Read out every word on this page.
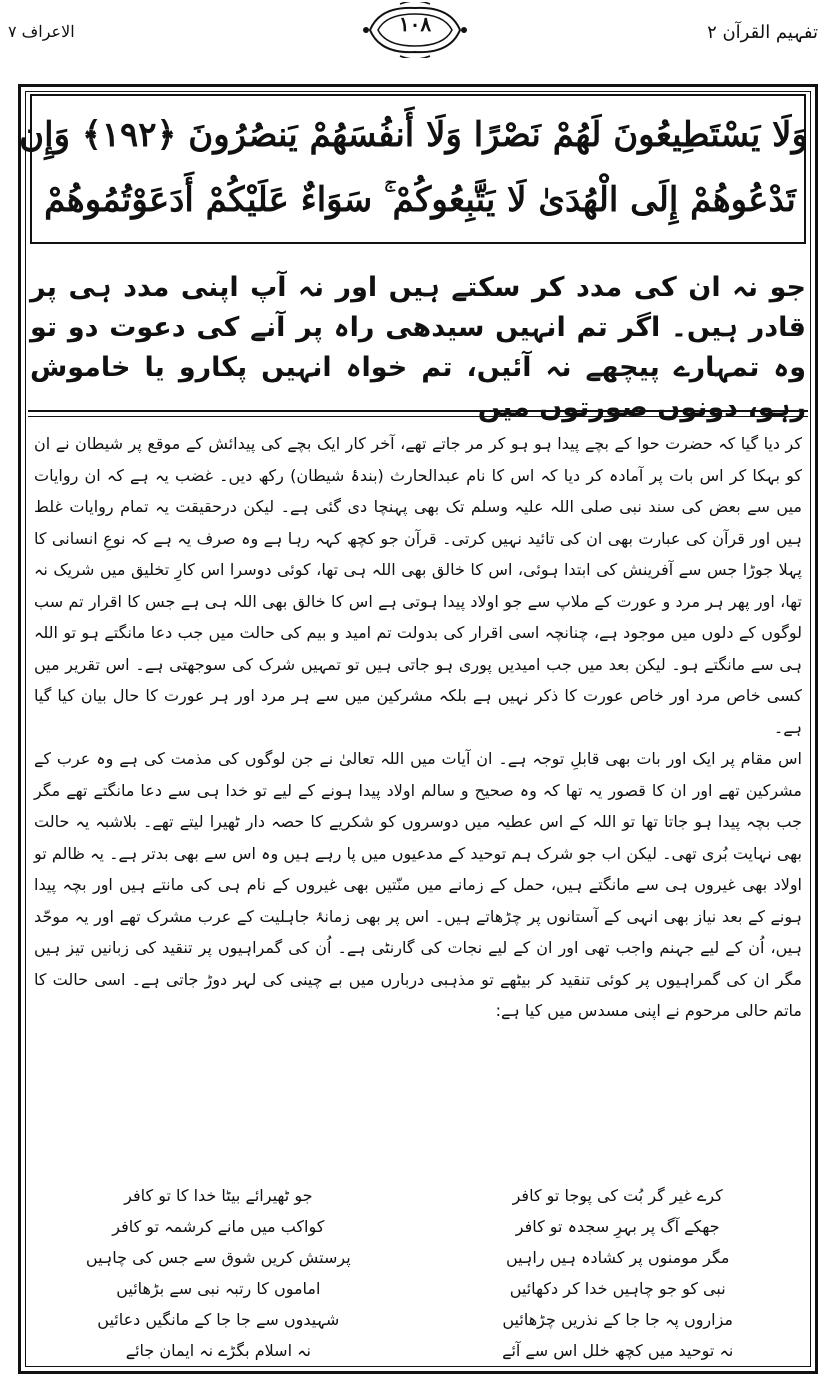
الاعراف ۷	۱۰۸	تفہیم القرآن ۲
وَلَا يَسْتَطِيعُونَ لَهُمْ نَصْرًا وَلَا أَنفُسَهُمْ يَنصُرُونَ ﴿۱۹۲﴾ وَإِن
تَدْعُوهُمْ إِلَى الْهُدَىٰ لَا يَتَّبِعُوكُمْ ۚ سَوَاءٌ عَلَيْكُمْ أَدَعَوْتُمُوهُمْ
جو نہ ان کی مدد کر سکتے ہیں اور نہ آپ اپنی مدد ہی پر قادر ہیں۔ اگر تم انہیں سیدھی راہ پر آنے کی دعوت دو تو وہ تمہارے پیچھے نہ آئیں، تم خواہ انہیں پکارو یا خاموش رہو، دونوں صورتوں میں

کر دیا گیا کہ حضرت حوا کے بچے پیدا ہو ہو کر مر جاتے تھے، آخر کار ایک بچے کی پیدائش کے موقع پر شیطان نے ان کو بہکا کر اس بات پر آمادہ کر دیا کہ اس کا نام عبدالحارث (بندۂ شیطان) رکھ دیں۔ غضب یہ ہے کہ ان روایات میں سے بعض کی سند نبی صلی اللہ علیہ وسلم تک بھی پہنچا دی گئی ہے۔ لیکن درحقیقت یہ تمام روایات غلط ہیں اور قرآن کی عبارت بھی ان کی تائید نہیں کرتی۔ قرآن جو کچھ کہہ رہا ہے وہ صرف یہ ہے کہ نوعِ انسانی کا پہلا جوڑا جس سے آفرینش کی ابتدا ہوئی، اس کا خالق بھی اللہ ہی تھا، کوئی دوسرا اس کارِ تخلیق میں شریک نہ تھا، اور پھر ہر مرد و عورت کے ملاپ سے جو اولاد پیدا ہوتی ہے اس کا خالق بھی اللہ ہی ہے جس کا اقرار تم سب لوگوں کے دلوں میں موجود ہے، چنانچہ اسی اقرار کی بدولت تم امید و بیم کی حالت میں جب دعا مانگتے ہو تو اللہ ہی سے مانگتے ہو۔ لیکن بعد میں جب امیدیں پوری ہو جاتی ہیں تو تمہیں شرک کی سوجھتی ہے۔ اس تقریر میں کسی خاص مرد اور خاص عورت کا ذکر نہیں ہے بلکہ مشرکین میں سے ہر مرد اور ہر عورت کا حال بیان کیا گیا ہے۔

اس مقام پر ایک اور بات بھی قابلِ توجہ ہے۔ ان آیات میں اللہ تعالیٰ نے جن لوگوں کی مذمت کی ہے وہ عرب کے مشرکین تھے اور ان کا قصور یہ تھا کہ وہ صحیح و سالم اولاد پیدا ہونے کے لیے تو خدا ہی سے دعا مانگتے تھے مگر جب بچہ پیدا ہو جاتا تھا تو اللہ کے اس عطیہ میں دوسروں کو شکریے کا حصہ دار ٹھیرا لیتے تھے۔ بلاشبہ یہ حالت بھی نہایت بُری تھی۔ لیکن اب جو شرک ہم توحید کے مدعیوں میں پا رہے ہیں وہ اس سے بھی بدتر ہے۔ یہ ظالم تو اولاد بھی غیروں ہی سے مانگتے ہیں، حمل کے زمانے میں منّتیں بھی غیروں کے نام ہی کی مانتے ہیں اور بچہ پیدا ہونے کے بعد نیاز بھی انہی کے آستانوں پر چڑھاتے ہیں۔ اس پر بھی زمانۂ جاہلیت کے عرب مشرک تھے اور یہ موحّد ہیں، اُن کے لیے جہنم واجب تھی اور ان کے لیے نجات کی گارنٹی ہے۔ اُن کی گمراہیوں پر تنقید کی زبانیں تیز ہیں مگر ان کی گمراہیوں پر کوئی تنقید کر بیٹھے تو مذہبی دربارں میں بے چینی کی لہر دوڑ جاتی ہے۔ اسی حالت کا ماتم حالی مرحوم نے اپنی مسدس میں کیا ہے:

کرے غیر گر بُت کی پوجا تو کافر
جو ٹھیرائے بیٹا خدا کا تو کافر
جھکے آگ پر بہرِ سجدہ تو کافر
کواکب میں مانے کرشمہ تو کافر
مگر مومنوں پر کشادہ ہیں راہیں
پرستش کریں شوق سے جس کی چاہیں
نبی کو جو چاہیں خدا کر دکھائیں
اماموں کا رتبہ نبی سے بڑھائیں
مزاروں پہ جا جا کے نذریں چڑھائیں
شہیدوں سے جا جا کے مانگیں دعائیں
نہ توحید میں کچھ خلل اس سے آئے
نہ اسلام بگڑے نہ ایمان جائے
